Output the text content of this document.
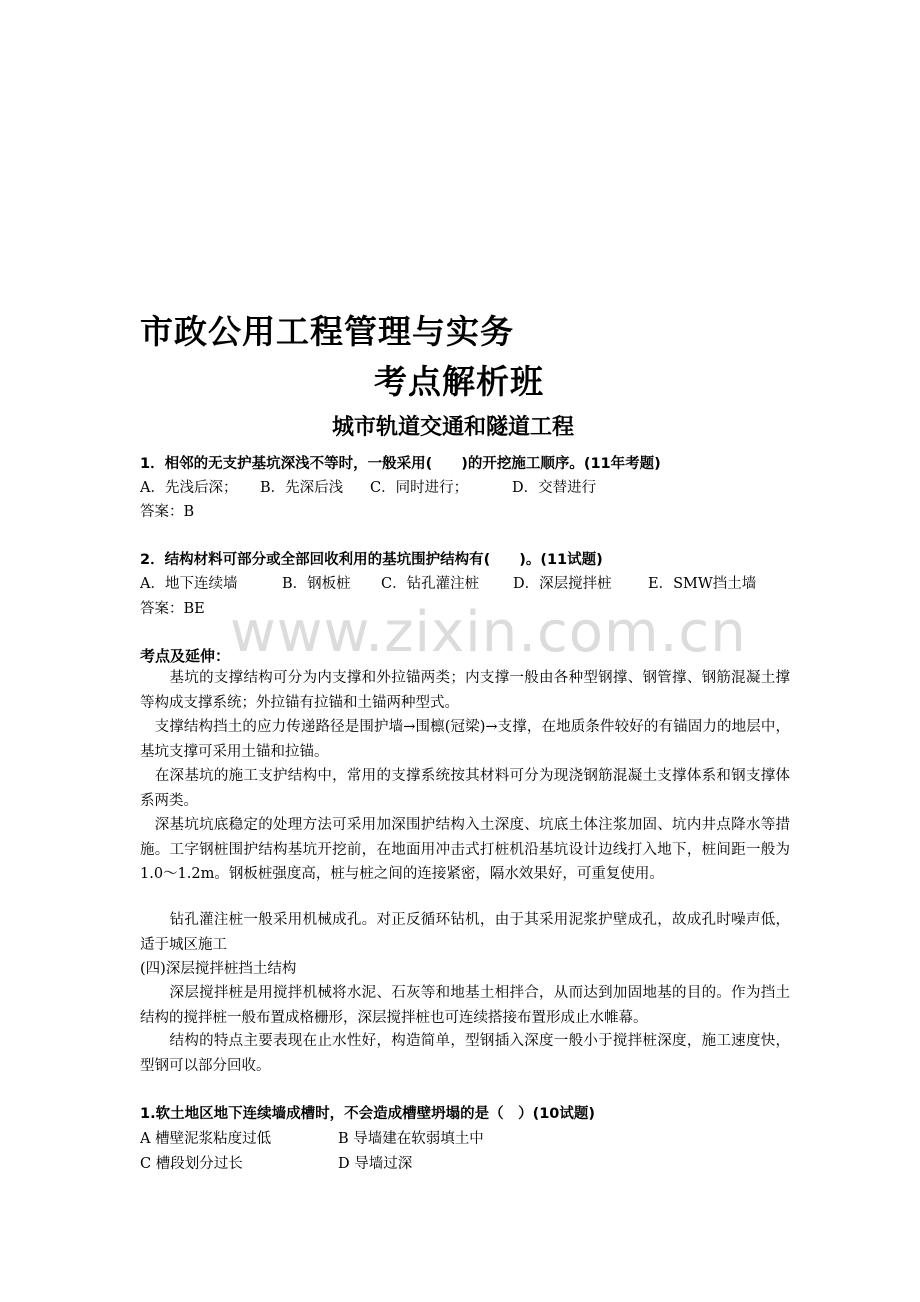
www.zixin.com.cn
市政公用工程管理与实务
考点解析班
城市轨道交通和隧道工程
1．相邻的无支护基坑深浅不等时，一般采用(　　)的开挖施工顺序。(11年考题)
A．先浅后深； B．先深后浅 C．同时进行；	D．交替进行
答案：B
2．结构材料可部分或全部回收利用的基坑围护结构有(　　)。(11试题)
A．地下连续墙	B．钢板桩 C．钻孔灌注桩 D．深层搅拌桩	E．SMW挡土墙
答案：BE
考点及延伸：
　　基坑的支撑结构可分为内支撑和外拉锚两类；内支撑一般由各种型钢撑、钢管撑、钢筋混凝土撑等构成支撑系统；外拉锚有拉锚和土锚两种型式。
　支撑结构挡土的应力传递路径是围护墙→围檩(冠梁)→支撑，在地质条件较好的有锚固力的地层中，基坑支撑可采用土锚和拉锚。
　在深基坑的施工支护结构中，常用的支撑系统按其材料可分为现浇钢筋混凝土支撑体系和钢支撑体系两类。
　深基坑坑底稳定的处理方法可采用加深围护结构入土深度、坑底土体注浆加固、坑内井点降水等措施。工字钢桩围护结构基坑开挖前，在地面用冲击式打桩机沿基坑设计边线打入地下，桩间距一般为1.0～1.2m。钢板桩强度高，桩与桩之间的连接紧密，隔水效果好，可重复使用。
　　钻孔灌注桩一般采用机械成孔。对正反循环钻机，由于其采用泥浆护壁成孔，故成孔时噪声低，适于城区施工
(四)深层搅拌桩挡土结构
　　深层搅拌桩是用搅拌机械将水泥、石灰等和地基土相拌合，从而达到加固地基的目的。作为挡土结构的搅拌桩一般布置成格栅形，深层搅拌桩也可连续搭接布置形成止水帷幕。
　　结构的特点主要表现在止水性好，构造简单，型钢插入深度一般小于搅拌桩深度，施工速度快，型钢可以部分回收。
1.软土地区地下连续墙成槽时，不会造成槽壁坍塌的是（　）(10试题)
A 槽壁泥浆粘度过低	B 导墙建在软弱填土中
C 槽段划分过长	D 导墙过深
